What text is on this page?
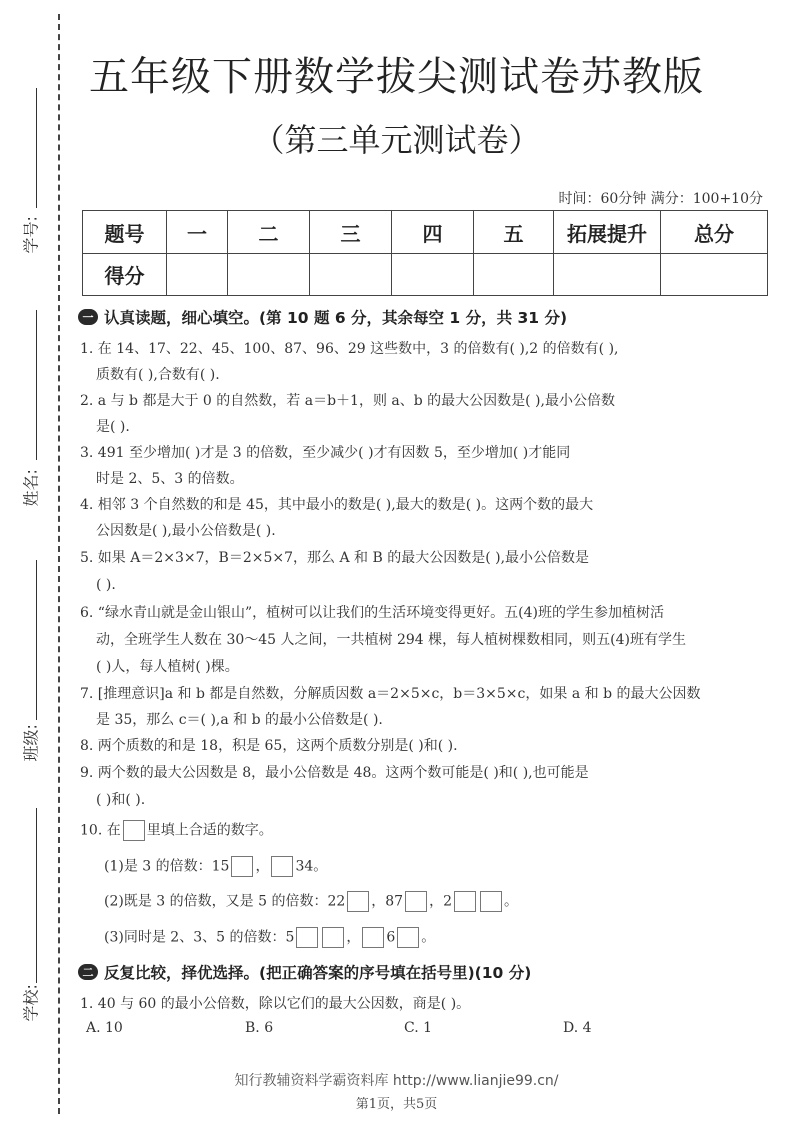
学号:
姓名:
班级:
学校:
五年级下册数学拔尖测试卷苏教版
（第三单元测试卷）
时间：60分钟 满分：100+10分
题号	一	二	三	四	五	拓展提升	总分
得分							
一 认真读题，细心填空。(第 10 题 6 分，其余每空 1 分，共 31 分)
1. 在 14、17、22、45、100、87、96、29 这些数中，3 的倍数有( ),2 的倍数有( ),
质数有( ),合数有( ).
2. a 与 b 都是大于 0 的自然数，若 a＝b＋1，则 a、b 的最大公因数是( ),最小公倍数
是( ).
3. 491 至少增加( )才是 3 的倍数，至少减少( )才有因数 5，至少增加( )才能同
时是 2、5、3 的倍数。
4. 相邻 3 个自然数的和是 45，其中最小的数是( ),最大的数是( )。这两个数的最大
公因数是( ),最小公倍数是( ).
5. 如果 A＝2×3×7，B＝2×5×7，那么 A 和 B 的最大公因数是( ),最小公倍数是
( ).
6. “绿水青山就是金山银山”，植树可以让我们的生活环境变得更好。五(4)班的学生参加植树活
动，全班学生人数在 30～45 人之间，一共植树 294 棵，每人植树棵数相同，则五(4)班有学生
( )人，每人植树( )棵。
7. [推理意识]a 和 b 都是自然数，分解质因数 a＝2×5×c，b＝3×5×c，如果 a 和 b 的最大公因数
是 35，那么 c＝( ),a 和 b 的最小公倍数是( ).
8. 两个质数的和是 18，积是 65，这两个质数分别是( )和( ).
9. 两个数的最大公因数是 8，最小公倍数是 48。这两个数可能是( )和( ),也可能是
( )和( ).
10. 在 里填上合适的数字。
(1)是 3 的倍数：15 ， 34。
(2)既是 3 的倍数，又是 5 的倍数：22 ，87 ，2	。
(3)同时是 2、3、5 的倍数：5	， 6 。
二 反复比较，择优选择。(把正确答案的序号填在括号里)(10 分)
1. 40 与 60 的最小公倍数，除以它们的最大公因数，商是( )。
A. 10	B. 6	C. 1	D. 4
知行教辅资料学霸资料库 http://www.lianjie99.cn/
第1页，共5页
